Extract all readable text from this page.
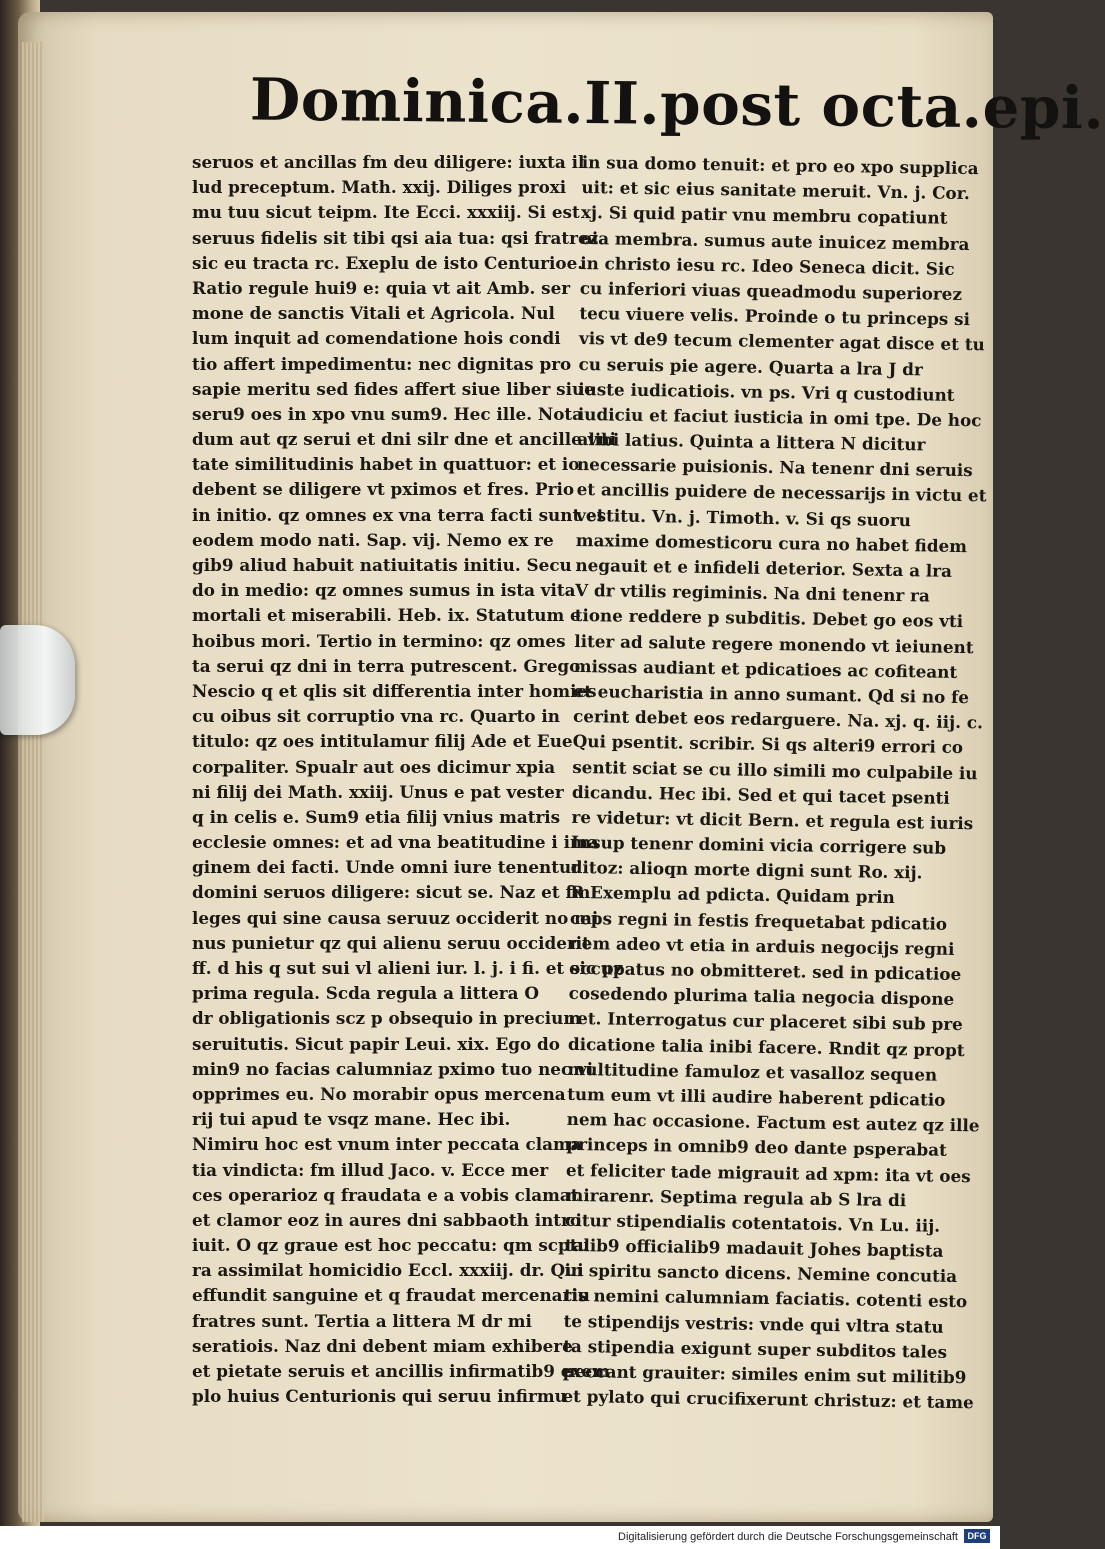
Dominica.II.post octa.epi.
seruos et ancillas fm deu diligere: iuxta il
lud preceptum. Math. xxij. Diliges proxi
mu tuu sicut teipm. Ite Ecci. xxxiij. Si est
seruus fidelis sit tibi qsi aia tua: qsi fratrez
sic eu tracta rc. Exeplu de isto Centurioe.
Ratio regule hui9 e: quia vt ait Amb. ser
mone de sanctis Vitali et Agricola. Nul
lum inquit ad comendatione hois condi
tio affert impedimentu: nec dignitas pro
sapie meritu sed fides affert siue liber siue
seru9 oes in xpo vnu sum9. Hec ille. Nota
dum aut qz serui et dni silr dne et ancille vni
tate similitudinis habet in quattuor: et io
debent se diligere vt pximos et fres. Prio
in initio. qz omnes ex vna terra facti sunt et
eodem modo nati. Sap. vij. Nemo ex re
gib9 aliud habuit natiuitatis initiu. Secu
do in medio: qz omnes sumus in ista vita
mortali et miserabili. Heb. ix. Statutum e
hoibus mori. Tertio in termino: qz omes
ta serui qz dni in terra putrescent. Grego.
Nescio q et qlis sit differentia inter homies
cu oibus sit corruptio vna rc. Quarto in
titulo: qz oes intitulamur filij Ade et Eue
corpaliter. Spualr aut oes dicimur xpia
ni filij dei Math. xxiij. Unus e pat vester
q in celis e. Sum9 etia filij vnius matris
ecclesie omnes: et ad vna beatitudine i ima
ginem dei facti. Unde omni iure tenentur
domini seruos diligere: sicut se. Naz et fm
leges qui sine causa seruuz occiderit no mi
nus punietur qz qui alienu seruu occiderit
ff. d his q sut sui vl alieni iur. l. j. i fi. et sic pz
prima regula. Scda regula a littera O
dr obligationis scz p obsequio in precium
seruitutis. Sicut papir Leui. xix. Ego do
min9 no facias calumniaz pximo tuo nec vi
opprimes eu. No morabir opus mercena
rij tui apud te vsqz mane. Hec ibi.
Nimiru hoc est vnum inter peccata clama
tia vindicta: fm illud Jaco. v. Ecce mer
ces operarioz q fraudata e a vobis clamat
et clamor eoz in aures dni sabbaoth intro
iuit. O qz graue est hoc peccatu: qm scptu
ra assimilat homicidio Eccl. xxxiij. dr. Qui
effundit sanguine et q fraudat mercenariu
fratres sunt. Tertia a littera M dr mi
seratiois. Naz dni debent miam exhibere
et pietate seruis et ancillis infirmatib9 exem
plo huius Centurionis qui seruu infirmu
in sua domo tenuit: et pro eo xpo supplica
uit: et sic eius sanitate meruit. Vn. j. Cor.
xj. Si quid patir vnu membru copatiunt
oia membra. sumus aute inuicez membra
in christo iesu rc. Ideo Seneca dicit. Sic
cu inferiori viuas queadmodu superiorez
tecu viuere velis. Proinde o tu princeps si
vis vt de9 tecum clementer agat disce et tu
cu seruis pie agere. Quarta a lra J dr
iuste iudicatiois. vn ps. Vri q custodiunt
iudiciu et faciut iusticia in omi tpe. De hoc
alibi latius. Quinta a littera N dicitur
necessarie puisionis. Na tenenr dni seruis
et ancillis puidere de necessarijs in victu et
vestitu. Vn. j. Timoth. v. Si qs suoru
maxime domesticoru cura no habet fidem
negauit et e infideli deterior. Sexta a lra
V dr vtilis regiminis. Na dni tenenr ra
tione reddere p subditis. Debet go eos vti
liter ad salute regere monendo vt ieiunent
missas audiant et pdicatioes ac cofiteant
et eucharistia in anno sumant. Qd si no fe
cerint debet eos redarguere. Na. xj. q. iij. c.
Qui psentit. scribir. Si qs alteri9 errori co
sentit sciat se cu illo simili mo culpabile iu
dicandu. Hec ibi. Sed et qui tacet psenti
re videtur: vt dicit Bern. et regula est iuris
Insup tenenr domini vicia corrigere sub
ditoz: alioqn morte digni sunt Ro. xij.
R Exemplu ad pdicta. Quidam prin
ceps regni in festis frequetabat pdicatio
nem adeo vt etia in arduis negocijs regni
occupatus no obmitteret. sed in pdicatioe
cosedendo plurima talia negocia dispone
ret. Interrogatus cur placeret sibi sub pre
dicatione talia inibi facere. Rndit qz propt
multitudine famuloz et vasalloz sequen
tum eum vt illi audire haberent pdicatio
nem hac occasione. Factum est autez qz ille
princeps in omnib9 deo dante psperabat
et feliciter tade migrauit ad xpm: ita vt oes
mirarenr. Septima regula ab S lra di
citur stipendialis cotentatois. Vn Lu. iij.
talib9 officialib9 madauit Johes baptista
in spiritu sancto dicens. Nemine concutia
tis nemini calumniam faciatis. cotenti esto
te stipendijs vestris: vnde qui vltra statu
ta stipendia exigunt super subditos tales
peccant grauiter: similes enim sut militib9
et pylato qui crucifixerunt christuz: et tame
Digitalisierung gefördert durch die Deutsche Forschungsgemeinschaft	DFG
